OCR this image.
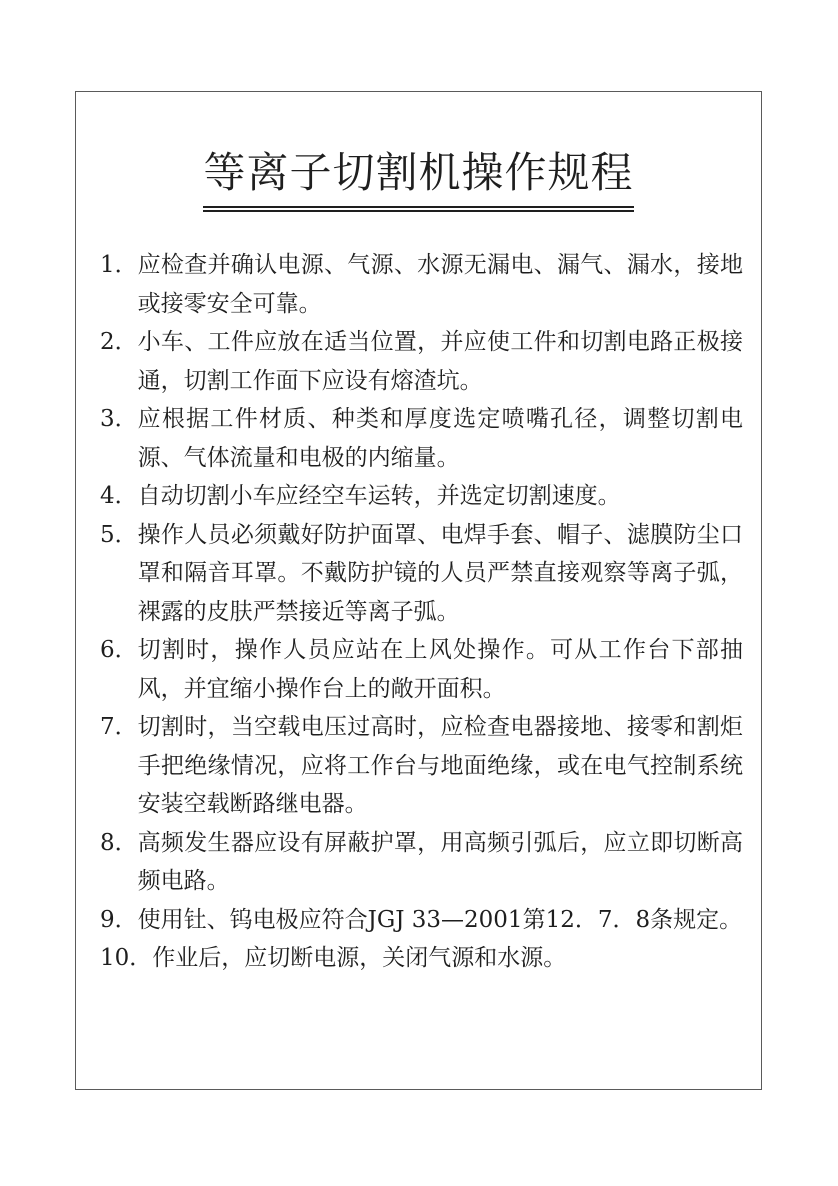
等离子切割机操作规程
1． 应检查并确认电源、气源、水源无漏电、漏气、漏水，接地或接零安全可靠。
2． 小车、工件应放在适当位置，并应使工件和切割电路正极接通，切割工作面下应设有熔渣坑。
3． 应根据工件材质、种类和厚度选定喷嘴孔径，调整切割电源、气体流量和电极的内缩量。
4． 自动切割小车应经空车运转，并选定切割速度。
5． 操作人员必须戴好防护面罩、电焊手套、帽子、滤膜防尘口罩和隔音耳罩。不戴防护镜的人员严禁直接观察等离子弧，裸露的皮肤严禁接近等离子弧。
6． 切割时，操作人员应站在上风处操作。可从工作台下部抽风，并宜缩小操作台上的敞开面积。
7． 切割时，当空载电压过高时，应检查电器接地、接零和割炬手把绝缘情况，应将工作台与地面绝缘，或在电气控制系统安装空载断路继电器。
8． 高频发生器应设有屏蔽护罩，用高频引弧后，应立即切断高频电路。
9． 使用钍、钨电极应符合JGJ 33—2001第12．7．8条规定。
10． 作业后，应切断电源，关闭气源和水源。
